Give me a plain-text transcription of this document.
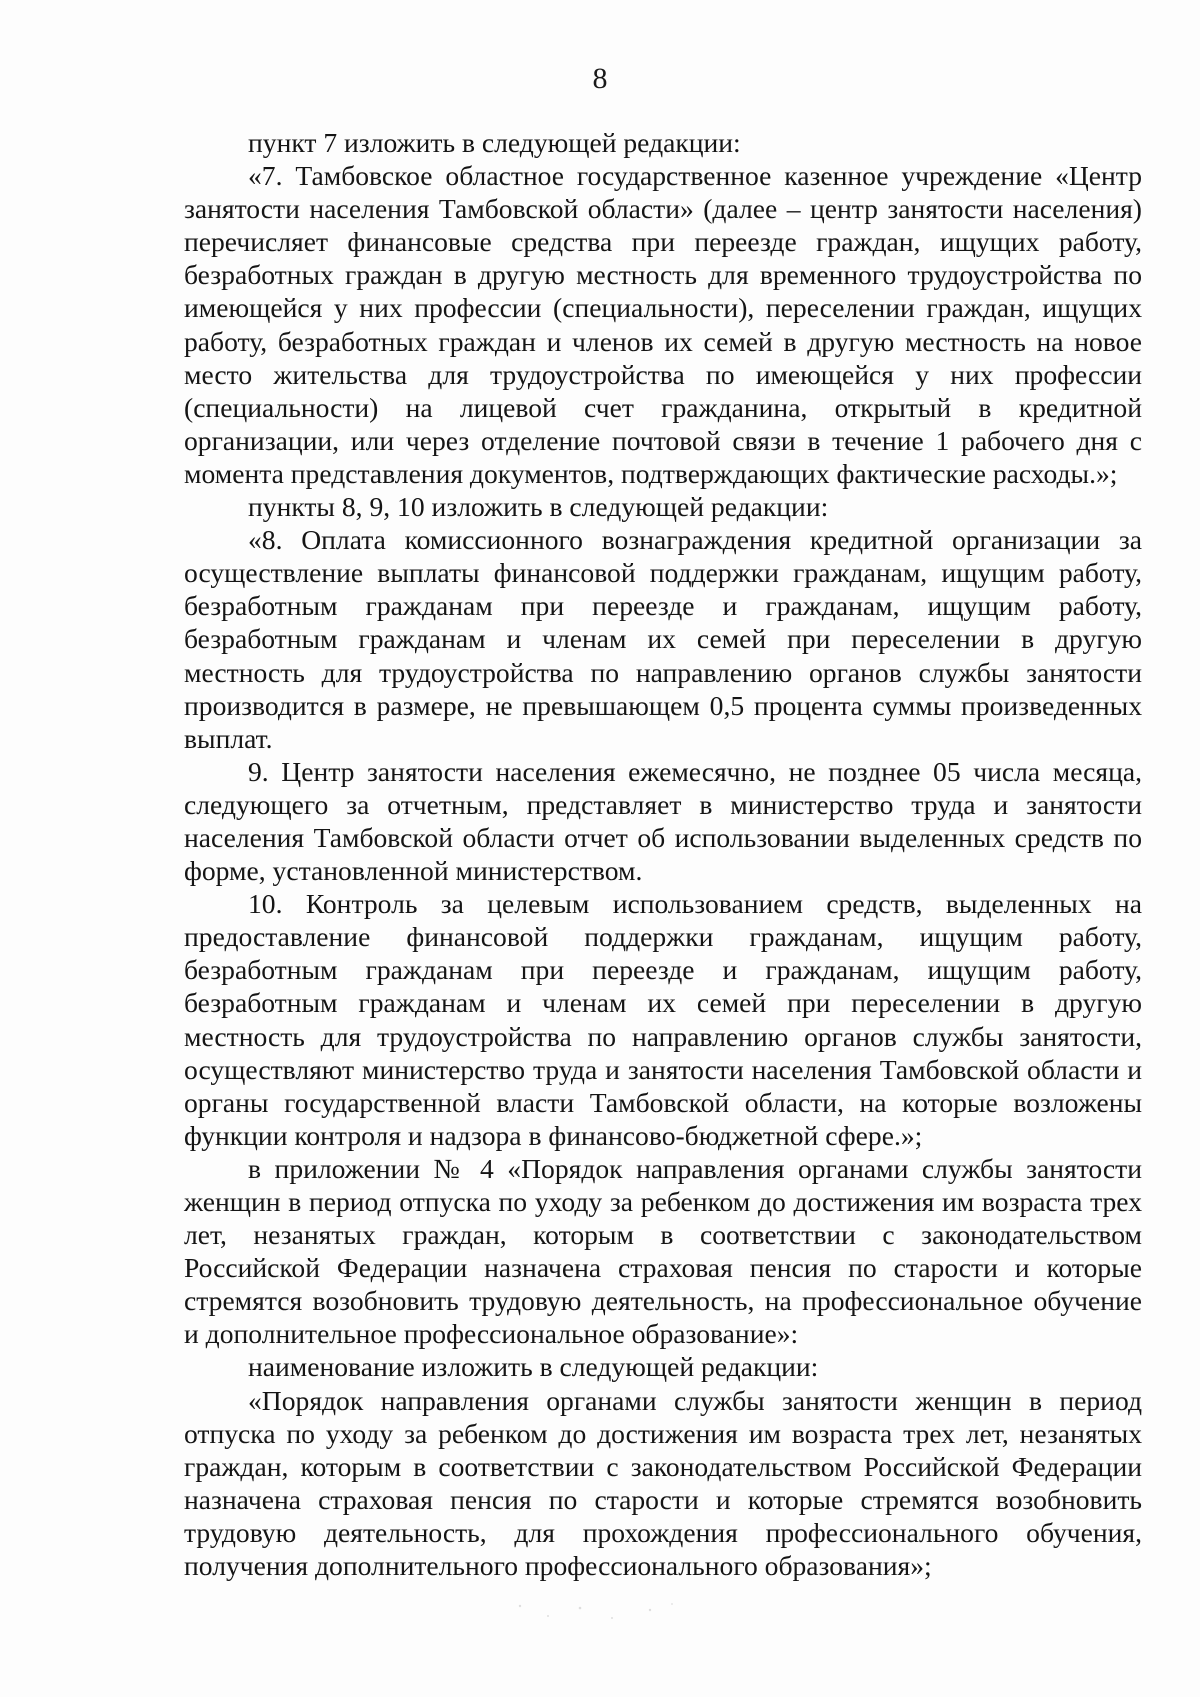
8

пункт 7 изложить в следующей редакции:

«7. Тамбовское областное государственное казенное учреждение «Центр занятости населения Тамбовской области» (далее – центр занятости населения) перечисляет финансовые средства при переезде граждан, ищущих работу, безработных граждан в другую местность для временного трудоустройства по имеющейся у них профессии (специальности), переселении граждан, ищущих работу, безработных граждан и членов их семей в другую местность на новое место жительства для трудоустройства по имеющейся у них профессии (специальности) на лицевой счет гражданина, открытый в кредитной организации, или через отделение почтовой связи в течение 1 рабочего дня с момента представления документов, подтверждающих фактические расходы.»;

пункты 8, 9, 10 изложить в следующей редакции:

«8. Оплата комиссионного вознаграждения кредитной организации за осуществление выплаты финансовой поддержки гражданам, ищущим работу, безработным гражданам при переезде и гражданам, ищущим работу, безработным гражданам и членам их семей при переселении в другую местность для трудоустройства по направлению органов службы занятости производится в размере, не превышающем 0,5 процента суммы произведенных выплат.

9. Центр занятости населения ежемесячно, не позднее 05 числа месяца, следующего за отчетным, представляет в министерство труда и занятости населения Тамбовской области отчет об использовании выделенных средств по форме, установленной министерством.

10. Контроль за целевым использованием средств, выделенных на предоставление финансовой поддержки гражданам, ищущим работу, безработным гражданам при переезде и гражданам, ищущим работу, безработным гражданам и членам их семей при переселении в другую местность для трудоустройства по направлению органов службы занятости, осуществляют министерство труда и занятости населения Тамбовской области и органы государственной власти Тамбовской области, на которые возложены функции контроля и надзора в финансово-бюджетной сфере.»;

в приложении № 4 «Порядок направления органами службы занятости женщин в период отпуска по уходу за ребенком до достижения им возраста трех лет, незанятых граждан, которым в соответствии с законодательством Российской Федерации назначена страховая пенсия по старости и которые стремятся возобновить трудовую деятельность, на профессиональное обучение и дополнительное профессиональное образование»:

наименование изложить в следующей редакции:

«Порядок направления органами службы занятости женщин в период отпуска по уходу за ребенком до достижения им возраста трех лет, незанятых граждан, которым в соответствии с законодательством Российской Федерации назначена страховая пенсия по старости и которые стремятся возобновить трудовую деятельность, для прохождения профессионального обучения, получения дополнительного профессионального образования»;
